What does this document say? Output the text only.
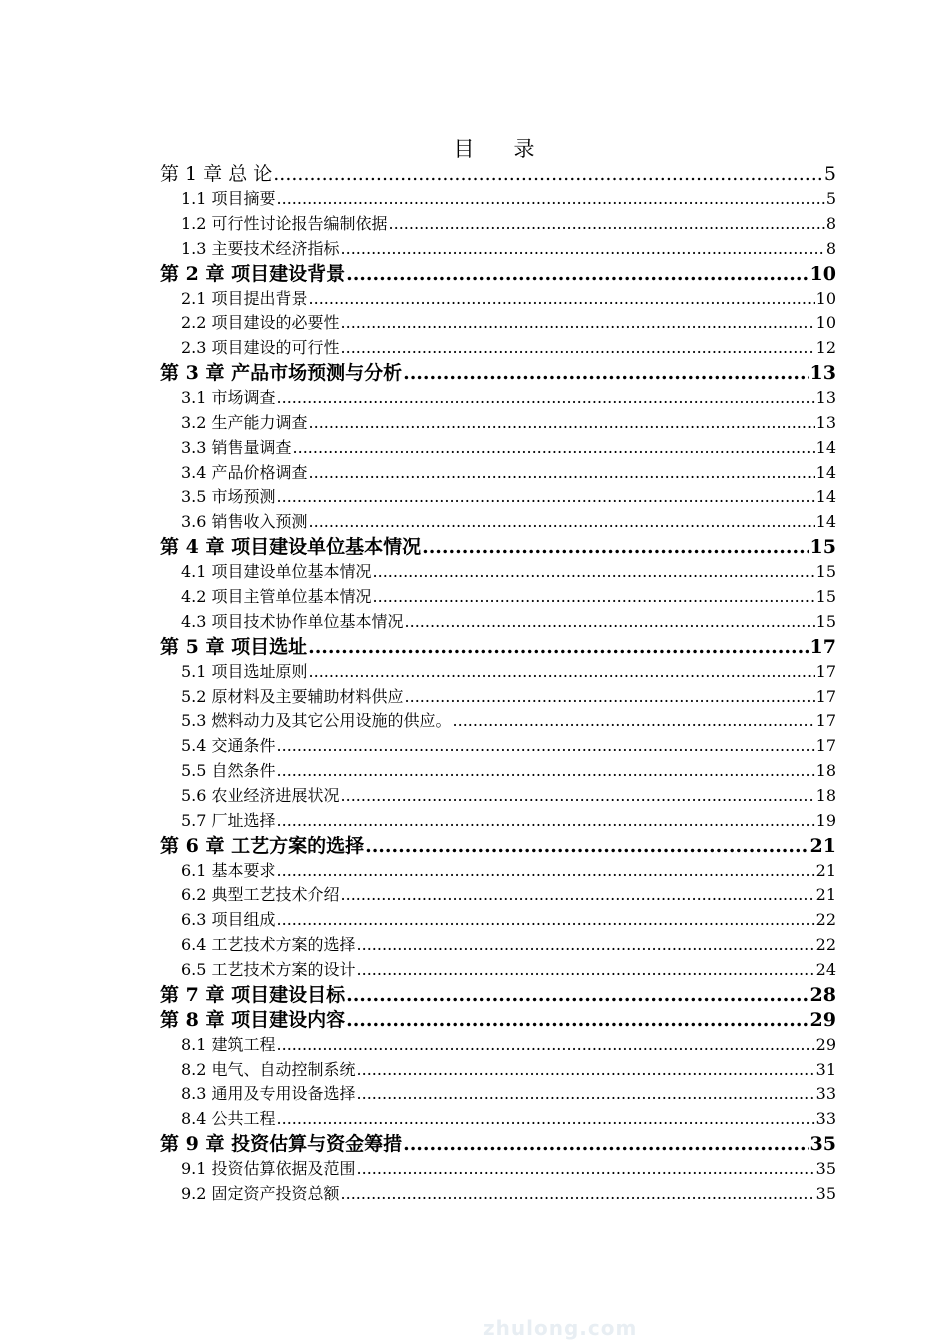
目　录
第 1 章 总 论 .....	5
1.1 项目摘要 .....	5
1.2 可行性讨论报告编制依据 .....	8
1.3 主要技术经济指标 .....	8
第 2 章 项目建设背景 .....	10
2.1 项目提出背景 .....	10
2.2 项目建设的必要性 .....	10
2.3 项目建设的可行性 .....	12
第 3 章 产品市场预测与分析 .....	13
3.1 市场调查 .....	13
3.2 生产能力调查 .....	13
3.3 销售量调查 .....	14
3.4 产品价格调查 .....	14
3.5 市场预测 .....	14
3.6 销售收入预测 .....	14
第 4 章 项目建设单位基本情况 .....	15
4.1 项目建设单位基本情况 .....	15
4.2 项目主管单位基本情况 .....	15
4.3 项目技术协作单位基本情况 .....	15
第 5 章 项目选址 .....	17
5.1 项目选址原则 .....	17
5.2 原材料及主要辅助材料供应 .....	17
5.3 燃料动力及其它公用设施的供应。 .....	17
5.4 交通条件 .....	17
5.5 自然条件 .....	18
5.6 农业经济进展状况 .....	18
5.7 厂址选择 .....	19
第 6 章 工艺方案的选择 .....	21
6.1 基本要求 .....	21
6.2 典型工艺技术介绍 .....	21
6.3 项目组成 .....	22
6.4 工艺技术方案的选择 .....	22
6.5 工艺技术方案的设计 .....	24
第 7 章 项目建设目标 .....	28
第 8 章 项目建设内容 .....	29
8.1 建筑工程 .....	29
8.2 电气、自动控制系统 .....	31
8.3 通用及专用设备选择 .....	33
8.4 公共工程 .....	33
第 9 章 投资估算与资金筹措 .....	35
9.1 投资估算依据及范围 .....	35
9.2 固定资产投资总额 .....	35
zhulong.com
